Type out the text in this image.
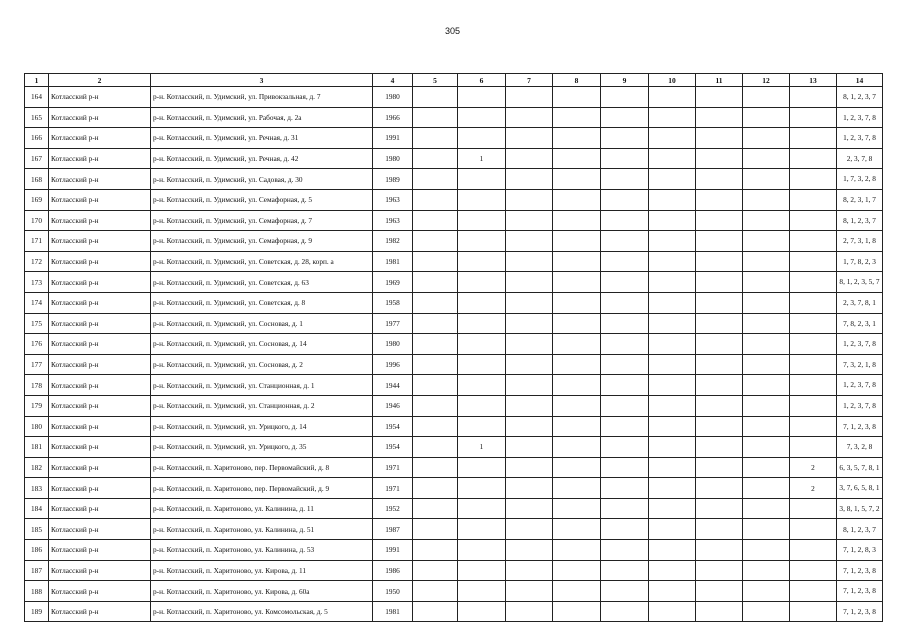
305
1	2	3	4	5	6	7	8	9	10	11	12	13	14
164	Котласский р-н	р-н. Котласский, п. Удимский, ул. Привокзальная, д. 7	1980										8, 1, 2, 3, 7
165	Котласский р-н	р-н. Котласский, п. Удимский, ул. Рабочая, д. 2а	1966										1, 2, 3, 7, 8
166	Котласский р-н	р-н. Котласский, п. Удимский, ул. Речная, д. 31	1991										1, 2, 3, 7, 8
167	Котласский р-н	р-н. Котласский, п. Удимский, ул. Речная, д. 42	1980		1								2, 3, 7, 8
168	Котласский р-н	р-н. Котласский, п. Удимский, ул. Садовая, д. 30	1989										1, 7, 3, 2, 8
169	Котласский р-н	р-н. Котласский, п. Удимский, ул. Семафорная, д. 5	1963										8, 2, 3, 1, 7
170	Котласский р-н	р-н. Котласский, п. Удимский, ул. Семафорная, д. 7	1963										8, 1, 2, 3, 7
171	Котласский р-н	р-н. Котласский, п. Удимский, ул. Семафорная, д. 9	1982										2, 7, 3, 1, 8
172	Котласский р-н	р-н. Котласский, п. Удимский, ул. Советская, д. 28, корп. а	1981										1, 7, 8, 2, 3
173	Котласский р-н	р-н. Котласский, п. Удимский, ул. Советская, д. 63	1969										8, 1, 2, 3, 5, 7
174	Котласский р-н	р-н. Котласский, п. Удимский, ул. Советская, д. 8	1958										2, 3, 7, 8, 1
175	Котласский р-н	р-н. Котласский, п. Удимский, ул. Сосновая, д. 1	1977										7, 8, 2, 3, 1
176	Котласский р-н	р-н. Котласский, п. Удимский, ул. Сосновая, д. 14	1980										1, 2, 3, 7, 8
177	Котласский р-н	р-н. Котласский, п. Удимский, ул. Сосновая, д. 2	1996										7, 3, 2, 1, 8
178	Котласский р-н	р-н. Котласский, п. Удимский, ул. Станционная, д. 1	1944										1, 2, 3, 7, 8
179	Котласский р-н	р-н. Котласский, п. Удимский, ул. Станционная, д. 2	1946										1, 2, 3, 7, 8
180	Котласский р-н	р-н. Котласский, п. Удимский, ул. Урицкого, д. 14	1954										7, 1, 2, 3, 8
181	Котласский р-н	р-н. Котласский, п. Удимский, ул. Урицкого, д. 35	1954		1								7, 3, 2, 8
182	Котласский р-н	р-н. Котласский, п. Харитоново, пер. Первомайский, д. 8	1971									2	6, 3, 5, 7, 8, 1
183	Котласский р-н	р-н. Котласский, п. Харитоново, пер. Первомайский, д. 9	1971									2	3, 7, 6, 5, 8, 1
184	Котласский р-н	р-н. Котласский, п. Харитоново, ул. Калинина, д. 11	1952										3, 8, 1, 5, 7, 2
185	Котласский р-н	р-н. Котласский, п. Харитоново, ул. Калинина, д. 51	1987										8, 1, 2, 3, 7
186	Котласский р-н	р-н. Котласский, п. Харитоново, ул. Калинина, д. 53	1991										7, 1, 2, 8, 3
187	Котласский р-н	р-н. Котласский, п. Харитоново, ул. Кирова, д. 11	1986										7, 1, 2, 3, 8
188	Котласский р-н	р-н. Котласский, п. Харитоново, ул. Кирова, д. 60а	1950										7, 1, 2, 3, 8
189	Котласский р-н	р-н. Котласский, п. Харитоново, ул. Комсомольская, д. 5	1981										7, 1, 2, 3, 8
